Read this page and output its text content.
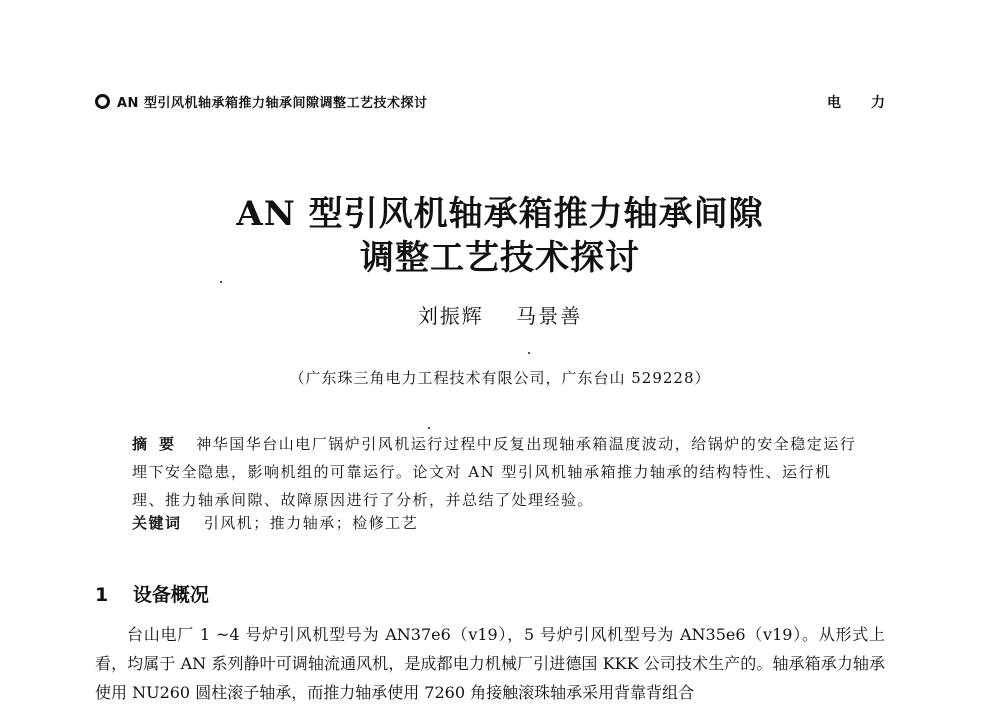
AN 型引风机轴承箱推力轴承间隙调整工艺技术探讨	电力
AN 型引风机轴承箱推力轴承间隙
调整工艺技术探讨
刘振辉 马景善
（广东珠三角电力工程技术有限公司，广东台山 529228）
摘要 神华国华台山电厂锅炉引风机运行过程中反复出现轴承箱温度波动，给锅炉的安全稳定运行埋下安全隐患，影响机组的可靠运行。论文对 AN 型引风机轴承箱推力轴承的结构特性、运行机理、推力轴承间隙、故障原因进行了分析，并总结了处理经验。
关键词 引风机；推力轴承；检修工艺
1 设备概况
台山电厂 1 ~4 号炉引风机型号为 AN37e6（v19），5 号炉引风机型号为 AN35e6（v19）。从形式上看，均属于 AN 系列静叶可调轴流通风机，是成都电力机械厂引进德国 KKK 公司技术生产的。轴承箱承力轴承使用 NU260 圆柱滚子轴承，而推力轴承使用 7260 角接触滚珠轴承采用背靠背组合
